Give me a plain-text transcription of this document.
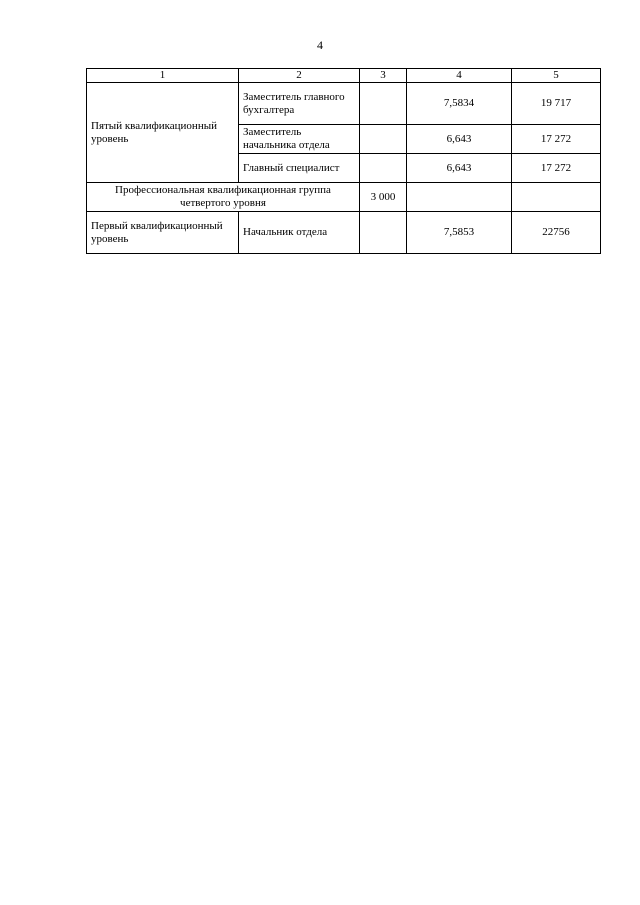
4
1	2	3	4	5
Пятый квалификационный уровень	Заместитель главного бухгалтера		7,5834	19 717
	Заместитель начальника отдела		6,643	17 272
	Главный специалист		6,643	17 272
Профессиональная квалификационная группа четвертого уровня		3 000		
Первый квалификационный уровень	Начальник отдела		7,5853	22756
